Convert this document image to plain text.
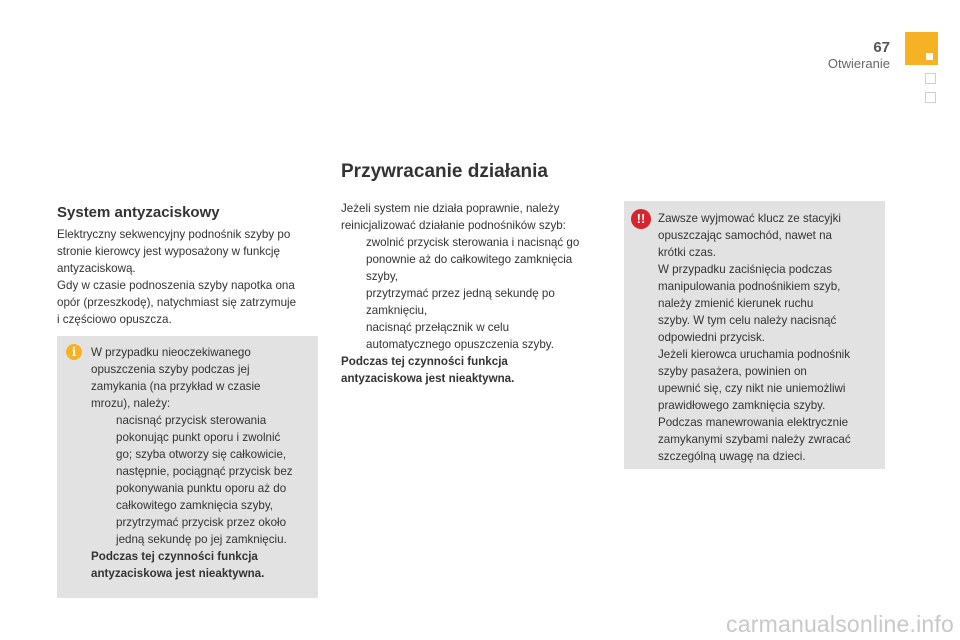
67
Otwieranie
Przywracanie działania
System antyzaciskowy

Elektryczny sekwencyjny podnośnik szyby po

stronie kierowcy jest wyposażony w funkcję

antyzaciskową.

Gdy w czasie podnoszenia szyby napotka ona

opór (przeszkodę), natychmiast się zatrzymuje

i częściowo opuszcza.

i	W przypadku nieoczekiwanego

opuszczenia szyby podczas jej

zamykania (na przykład w czasie

mrozu), należy:

nacisnąć przycisk sterowania

pokonując punkt oporu i zwolnić

go; szyba otworzy się całkowicie,

następnie, pociągnąć przycisk bez

pokonywania punktu oporu aż do

całkowitego zamknięcia szyby,

przytrzymać przycisk przez około

jedną sekundę po jej zamknięciu.

Podczas tej czynności funkcja

antyzaciskowa jest nieaktywna.

Jeżeli system nie działa poprawnie, należy

reinicjalizować działanie podnośników szyb:

zwolnić przycisk sterowania i nacisnąć go

ponownie aż do całkowitego zamknięcia

szyby,

przytrzymać przez jedną sekundę po

zamknięciu,

nacisnąć przełącznik w celu

automatycznego opuszczenia szyby.

Podczas tej czynności funkcja

antyzaciskowa jest nieaktywna.

!!	Zawsze wyjmować klucz ze stacyjki

opuszczając samochód, nawet na

krótki czas.

W przypadku zaciśnięcia podczas

manipulowania podnośnikiem szyb,

należy zmienić kierunek ruchu

szyby. W tym celu należy nacisnąć

odpowiedni przycisk.

Jeżeli kierowca uruchamia podnośnik

szyby pasażera, powinien on

upewnić się, czy nikt nie uniemożliwi

prawidłowego zamknięcia szyby.

Podczas manewrowania elektrycznie

zamykanymi szybami należy zwracać

szczególną uwagę na dzieci.

carmanualsonline.info
